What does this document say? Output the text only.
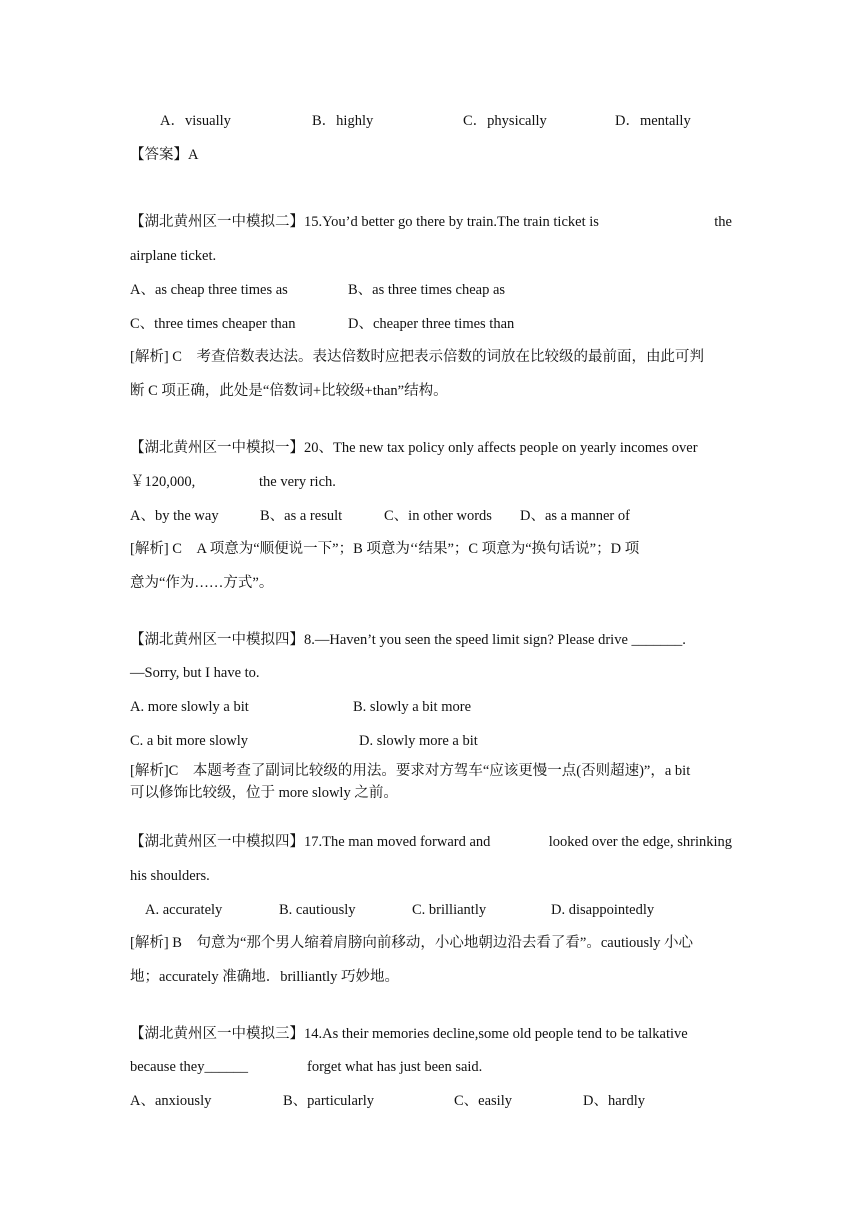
A．visually	B．highly	C．physically	D．mentally
【答案】A
【湖北黄州区一中模拟二】15.You’d better go there by train.The train ticket is	the
airplane ticket.
A、as cheap three times as	B、as three times cheap as
C、three times cheaper than	D、cheaper three times than
[解析] C　考查倍数表达法。表达倍数时应把表示倍数的词放在比较级的最前面，由此可判
断 C 项正确，此处是“倍数词+比较级+than”结构。
【湖北黄州区一中模拟一】20、The new tax policy only affects people on yearly incomes over
￥120,000,	the very rich.
A、by the way	B、as a result	C、in other words D、as a manner of
[解析] C　A 项意为“顺便说一下”；B 项意为‘‘结果”；C 项意为“换句话说”；D 项
意为“作为……方式”。
【湖北黄州区一中模拟四】8.—Haven’t you seen the speed limit sign? Please drive _______.
—Sorry, but I have to.
A. more slowly a bit	B. slowly a bit more
C. a bit more slowly	D. slowly more a bit
[解析]C　本题考查了副词比较级的用法。要求对方驾车“应该更慢一点(否则超速)”，a bit
可以修饰比较级，位于 more slowly 之前。
【湖北黄州区一中模拟四】17.The man moved forward and	looked over the edge, shrinking
his shoulders.
A. accurately	B. cautiously	C. brilliantly	D. disappointedly
[解析] B　句意为“那个男人缩着肩膀向前移动，小心地朝边沿去看了看”。cautiously 小心
地；accurately 准确地．brilliantly 巧妙地。
【湖北黄州区一中模拟三】14.As their memories decline,some old people tend to be talkative
because they______	forget what has just been said.
A、anxiously	B、particularly	C、easily	D、hardly
